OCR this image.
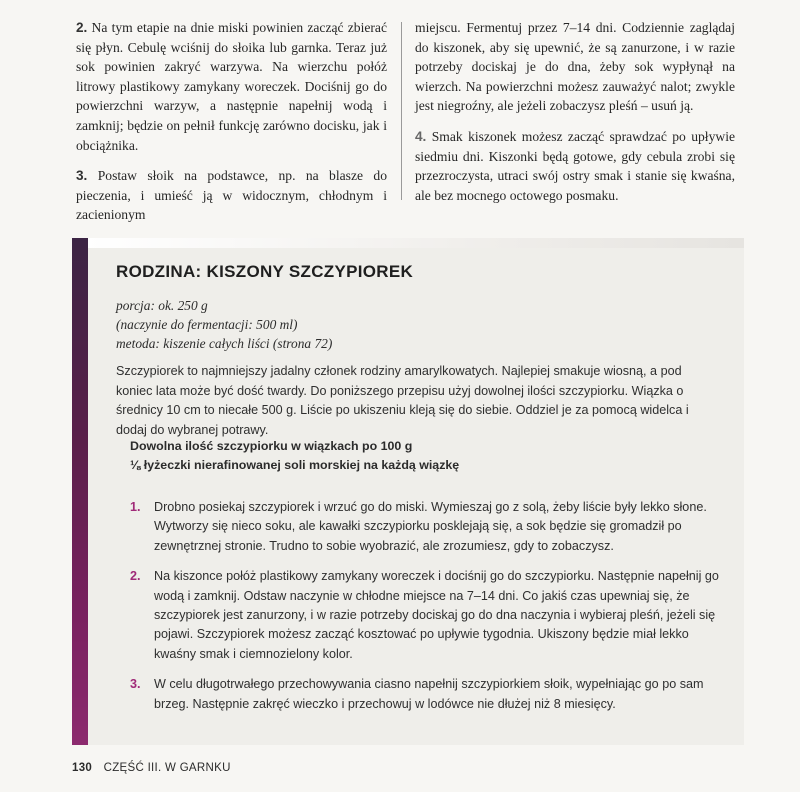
2. Na tym etapie na dnie miski powinien zacząć zbierać się płyn. Cebulę wciśnij do słoika lub garnka. Teraz już sok powinien zakryć warzywa. Na wierzchu połóż litrowy plastikowy zamykany woreczek. Dociśnij go do powierzchni warzyw, a następnie napełnij wodą i zamknij; będzie on pełnił funkcję zarówno docisku, jak i obciążnika.

3. Postaw słoik na podstawce, np. na blasze do pieczenia, i umieść ją w widocznym, chłodnym i zacienionym

miejscu. Fermentuj przez 7–14 dni. Codziennie zaglądaj do kiszonek, aby się upewnić, że są zanurzone, i w razie potrzeby dociskaj je do dna, żeby sok wypłynął na wierzch. Na powierzchni możesz zauważyć nalot; zwykle jest niegroźny, ale jeżeli zobaczysz pleśń – usuń ją.

4. Smak kiszonek możesz zacząć sprawdzać po upływie siedmiu dni. Kiszonki będą gotowe, gdy cebula zrobi się przezroczysta, utraci swój ostry smak i stanie się kwaśna, ale bez mocnego octowego posmaku.

RODZINA: KISZONY SZCZYPIOREK
porcja: ok. 250 g
(naczynie do fermentacji: 500 ml)
metoda: kiszenie całych liści (strona 72)

Szczypiorek to najmniejszy jadalny członek rodziny amarylkowatych. Najlepiej smakuje wiosną, a pod koniec lata może być dość twardy. Do poniższego przepisu użyj dowolnej ilości szczypiorku. Wiązka o średnicy 10 cm to niecałe 500 g. Liście po ukiszeniu kleją się do siebie. Oddziel je za pomocą widelca i dodaj do wybranej potrawy.

Dowolna ilość szczypiorku w wiązkach po 100 g
⅛ łyżeczki nierafinowanej soli morskiej na każdą wiązkę
1. Drobno posiekaj szczypiorek i wrzuć go do miski. Wymieszaj go z solą, żeby liście były lekko słone. Wytworzy się nieco soku, ale kawałki szczypiorku posklejają się, a sok będzie się gromadził po zewnętrznej stronie. Trudno to sobie wyobrazić, ale zrozumiesz, gdy to zobaczysz.
2. Na kiszonce połóż plastikowy zamykany woreczek i dociśnij go do szczypiorku. Następnie napełnij go wodą i zamknij. Odstaw naczynie w chłodne miejsce na 7–14 dni. Co jakiś czas upewniaj się, że szczypiorek jest zanurzony, i w razie potrzeby dociskaj go do dna naczynia i wybieraj pleśń, jeżeli się pojawi. Szczypiorek możesz zacząć kosztować po upływie tygodnia. Ukiszony będzie miał lekko kwaśny smak i ciemnozielony kolor.
3. W celu długotrwałego przechowywania ciasno napełnij szczypiorkiem słoik, wypełniając go po sam brzeg. Następnie zakręć wieczko i przechowuj w lodówce nie dłużej niż 8 miesięcy.
130 CZĘŚĆ III. W GARNKU
